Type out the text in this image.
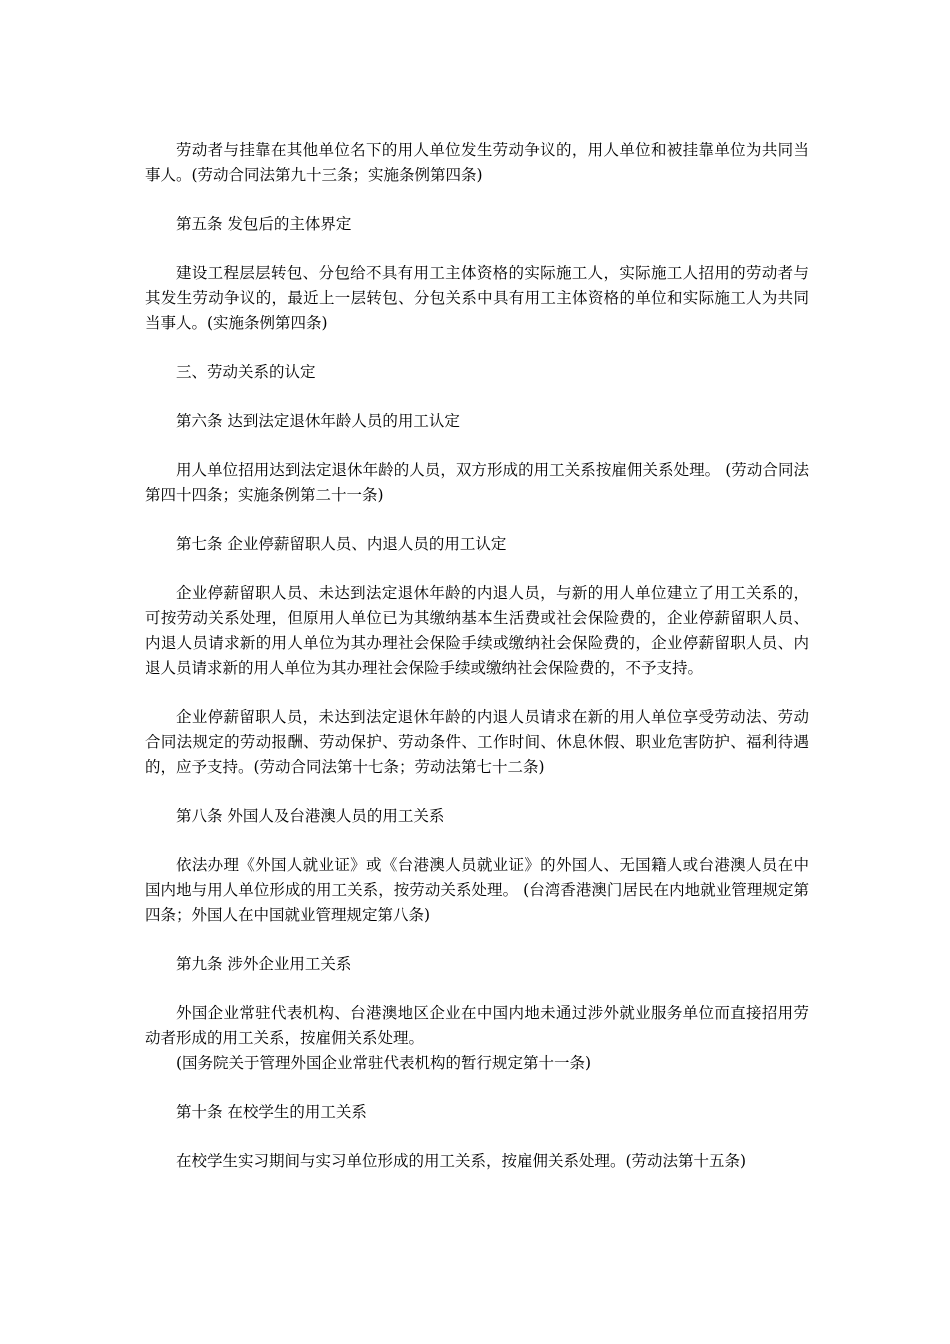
劳动者与挂靠在其他单位名下的用人单位发生劳动争议的，用人单位和被挂靠单位为共同当事人。(劳动合同法第九十三条；实施条例第四条)

第五条 发包后的主体界定

建设工程层层转包、分包给不具有用工主体资格的实际施工人，实际施工人招用的劳动者与其发生劳动争议的，最近上一层转包、分包关系中具有用工主体资格的单位和实际施工人为共同当事人。(实施条例第四条)

三、劳动关系的认定

第六条 达到法定退休年龄人员的用工认定

用人单位招用达到法定退休年龄的人员，双方形成的用工关系按雇佣关系处理。 (劳动合同法第四十四条；实施条例第二十一条)

第七条 企业停薪留职人员、内退人员的用工认定

企业停薪留职人员、未达到法定退休年龄的内退人员，与新的用人单位建立了用工关系的，可按劳动关系处理，但原用人单位已为其缴纳基本生活费或社会保险费的，企业停薪留职人员、内退人员请求新的用人单位为其办理社会保险手续或缴纳社会保险费的，企业停薪留职人员、内退人员请求新的用人单位为其办理社会保险手续或缴纳社会保险费的，不予支持。

企业停薪留职人员，未达到法定退休年龄的内退人员请求在新的用人单位享受劳动法、劳动合同法规定的劳动报酬、劳动保护、劳动条件、工作时间、休息休假、职业危害防护、福利待遇的，应予支持。(劳动合同法第十七条；劳动法第七十二条)

第八条 外国人及台港澳人员的用工关系

依法办理《外国人就业证》或《台港澳人员就业证》的外国人、无国籍人或台港澳人员在中国内地与用人单位形成的用工关系，按劳动关系处理。 (台湾香港澳门居民在内地就业管理规定第四条；外国人在中国就业管理规定第八条)

第九条 涉外企业用工关系

外国企业常驻代表机构、台港澳地区企业在中国内地未通过涉外就业服务单位而直接招用劳动者形成的用工关系，按雇佣关系处理。

(国务院关于管理外国企业常驻代表机构的暂行规定第十一条)

第十条 在校学生的用工关系

在校学生实习期间与实习单位形成的用工关系，按雇佣关系处理。(劳动法第十五条)
